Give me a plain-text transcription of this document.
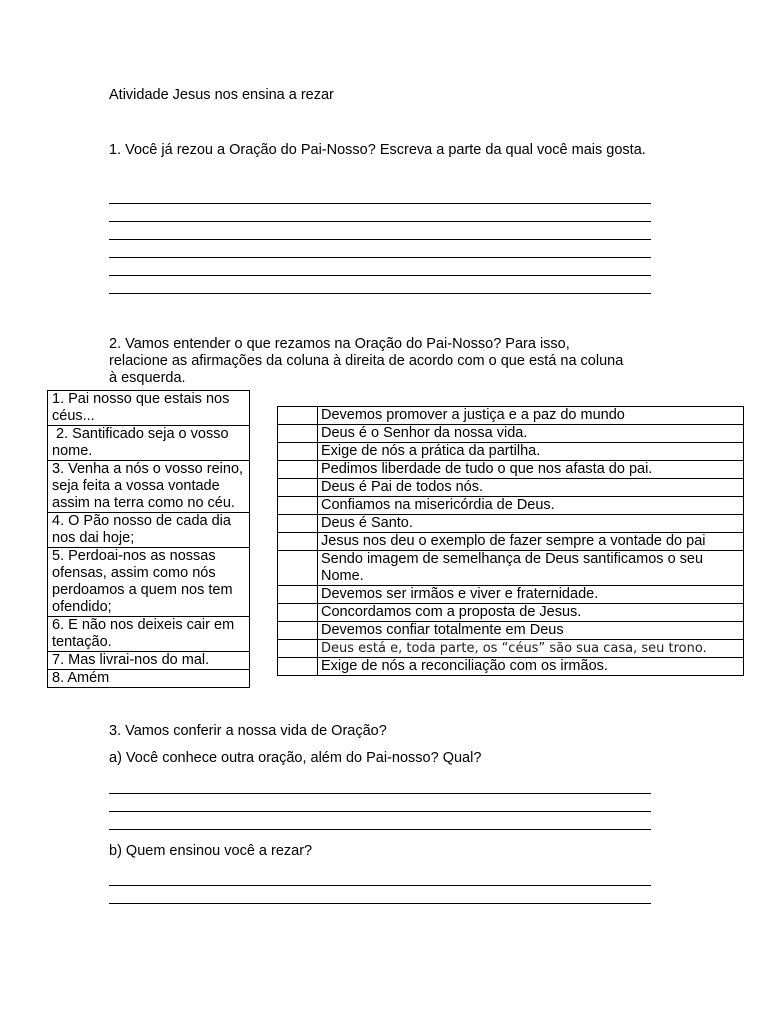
Atividade Jesus nos ensina a rezar
1. Você já rezou a Oração do Pai-Nosso? Escreva a parte da qual você mais gosta.
2. Vamos entender o que rezamos na Oração do Pai-Nosso? Para isso, relacione as afirmações da coluna à direita de acordo com o que está na coluna à esquerda.
1. Pai nosso que estais nos céus...
2. Santificado seja o vosso nome.
3. Venha a nós o vosso reino, seja feita a vossa vontade assim na terra como no céu.
4. O Pão nosso de cada dia nos dai hoje;
5. Perdoai-nos as nossas ofensas, assim como nós perdoamos a quem nos tem ofendido;
6. E não nos deixeis cair em tentação.
7. Mas livrai-nos do mal.
8. Amém
	Devemos promover a justiça e a paz do mundo
	Deus é o Senhor da nossa vida.
	Exige de nós a prática da partilha.
	Pedimos liberdade de tudo o que nos afasta do pai.
	Deus é Pai de todos nós.
	Confiamos na misericórdia de Deus.
	Deus é Santo.
	Jesus nos deu o exemplo de fazer sempre a vontade do pai
	Sendo imagem de semelhança de Deus santificamos o seu Nome.
	Devemos ser irmãos e viver e fraternidade.
	Concordamos com a proposta de Jesus.
	Devemos confiar totalmente em Deus
	Deus está e, toda parte, os “céus” são sua casa, seu trono.
	Exige de nós a reconciliação com os irmãos.
3. Vamos conferir a nossa vida de Oração?
a) Você conhece outra oração, além do Pai-nosso? Qual?
b) Quem ensinou você a rezar?
